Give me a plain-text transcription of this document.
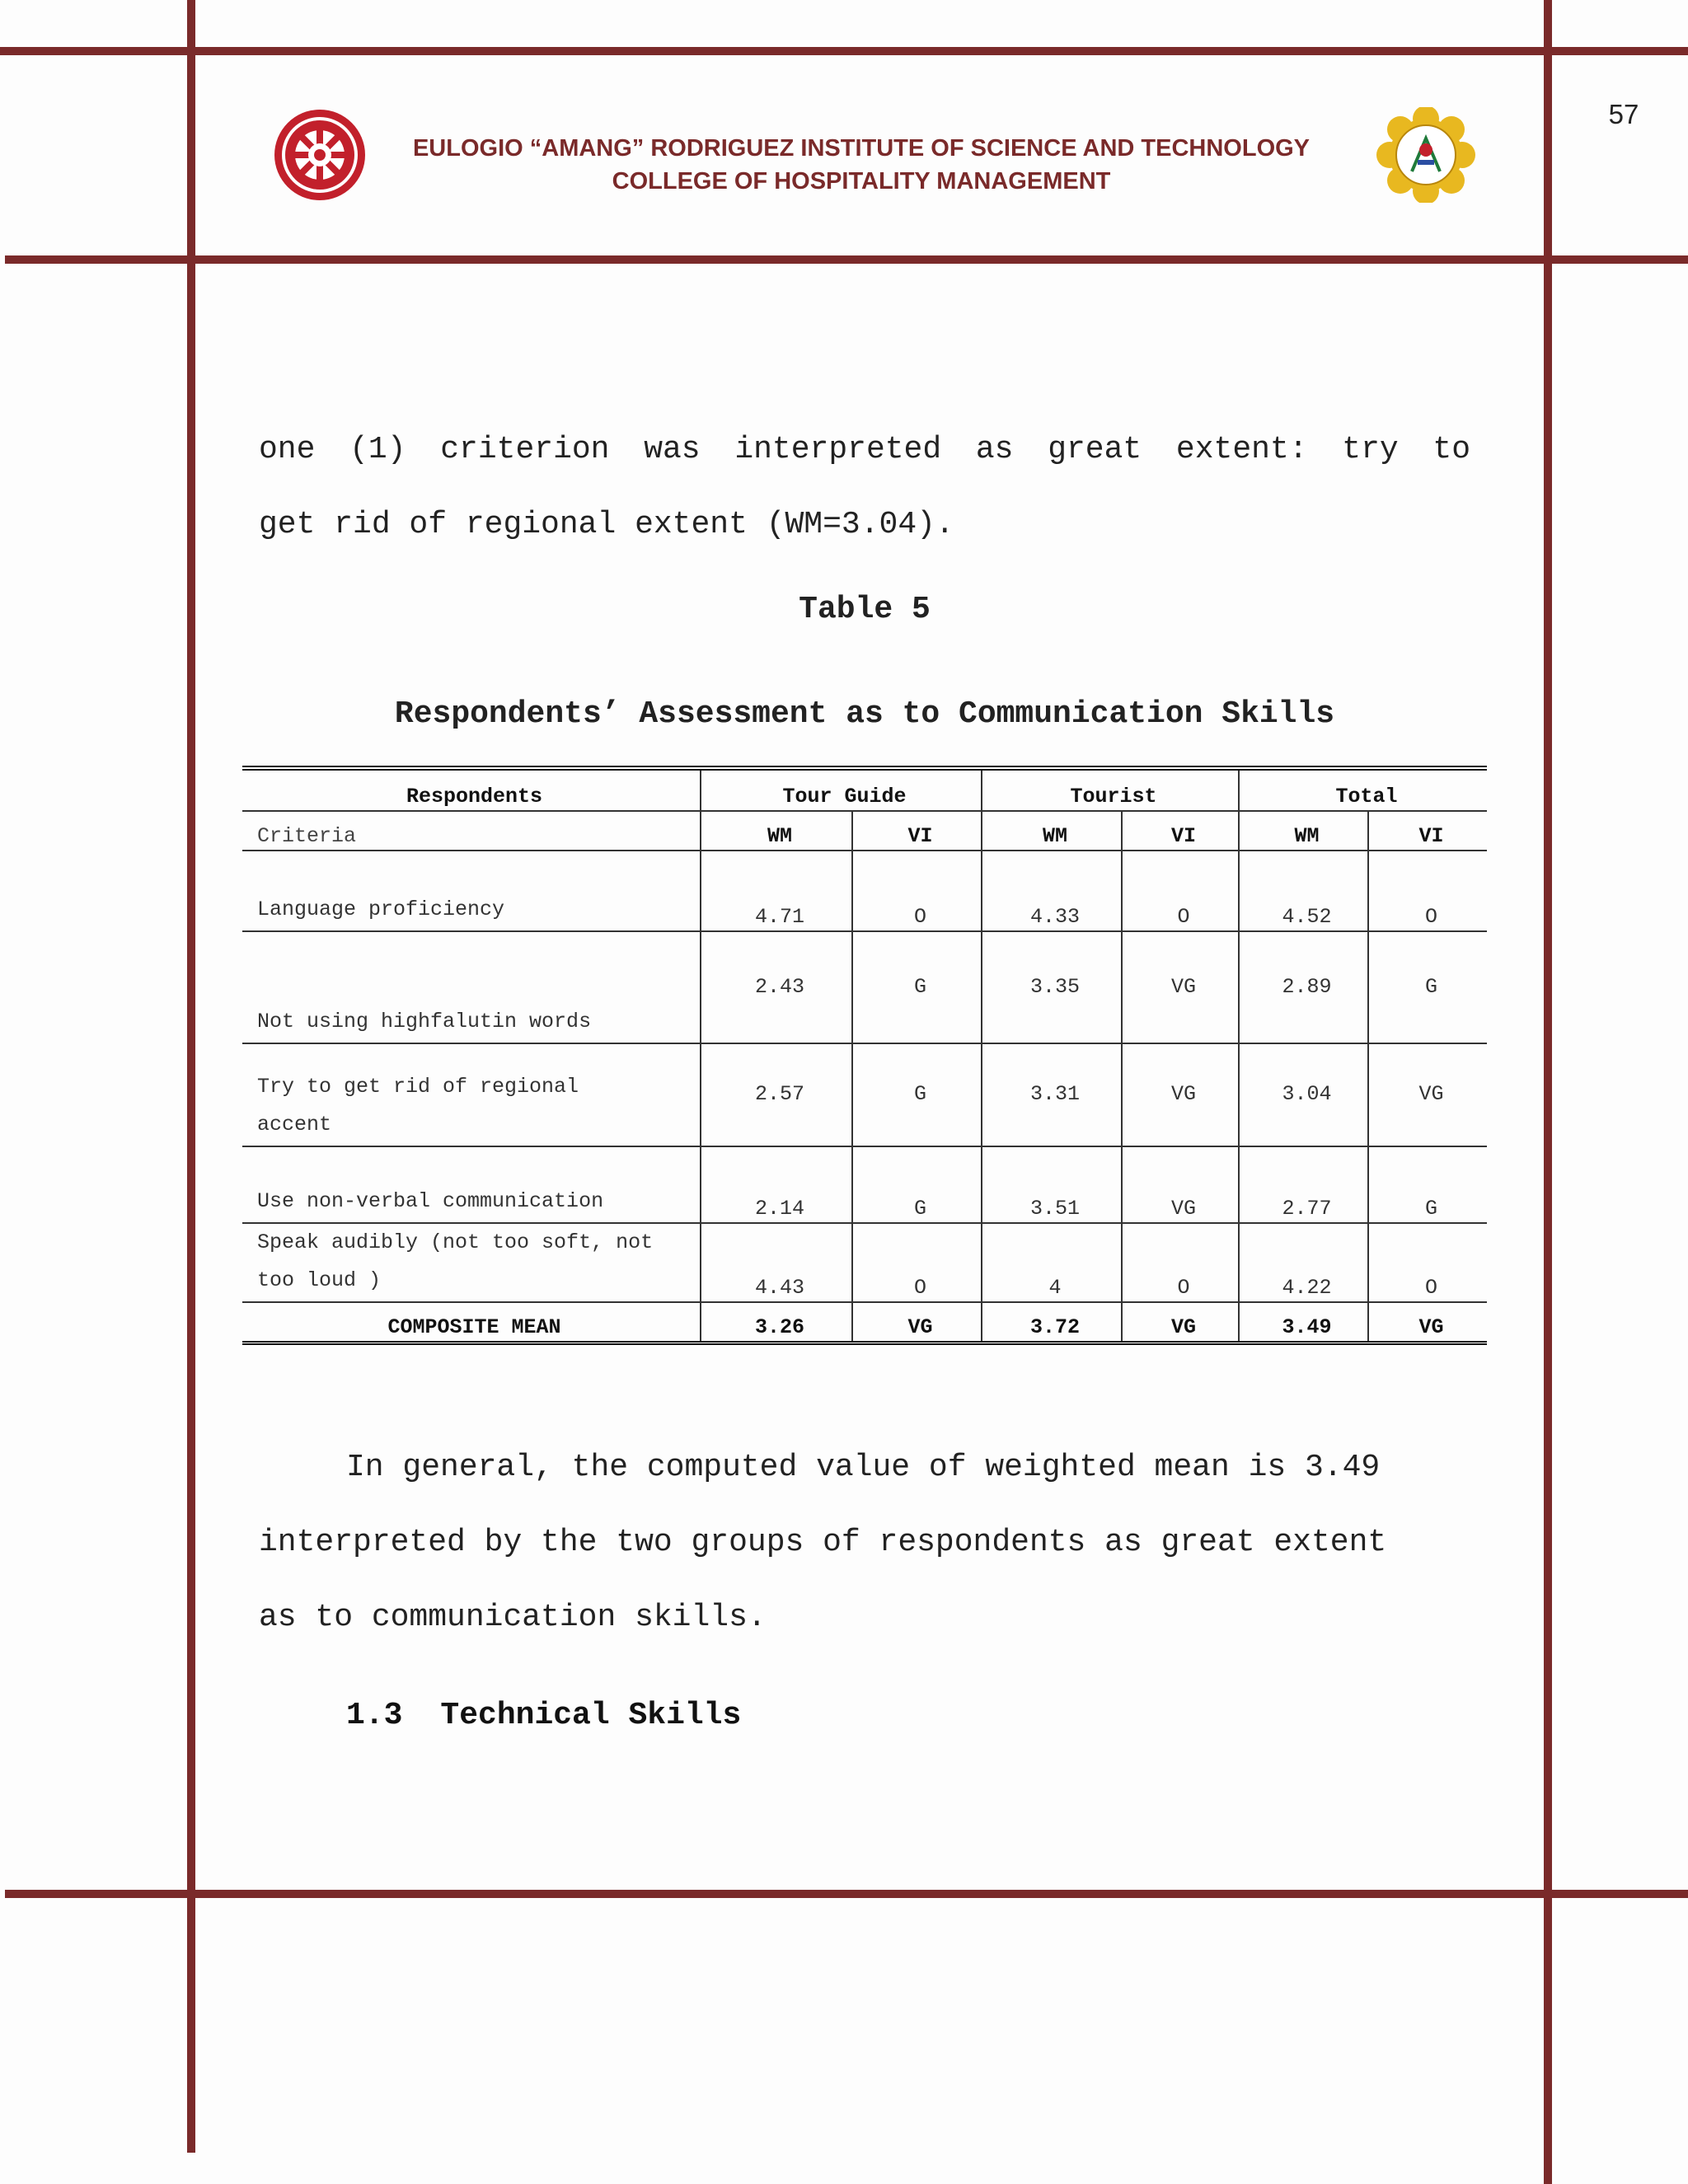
57
EULOGIO “AMANG” RODRIGUEZ INSTITUTE OF SCIENCE AND TECHNOLOGY
COLLEGE OF HOSPITALITY MANAGEMENT
one (1) criterion was interpreted as great extent: try to
get rid of regional extent (WM=3.04).
Table 5
Respondents’ Assessment as to Communication Skills
Respondents	Tour Guide		Tourist		Total	
Criteria	WM	VI	WM	VI	WM	VI
Language proficiency	4.71	O	4.33	O	4.52	O
Not using highfalutin words	2.43	G	3.35	VG	2.89	G

Try to get rid of regional
accent	2.57	G	3.31	VG	3.04	VG
Use non-verbal communication	2.14	G	3.51	VG	2.77	G

Speak audibly (not too soft, not
too loud )	4.43	O	4	O	4.22	O
COMPOSITE MEAN	3.26	VG	3.72	VG	3.49	VG
In general, the computed value of weighted mean is 3.49
interpreted by the two groups of respondents as great extent
as to communication skills.
1.3 Technical Skills
